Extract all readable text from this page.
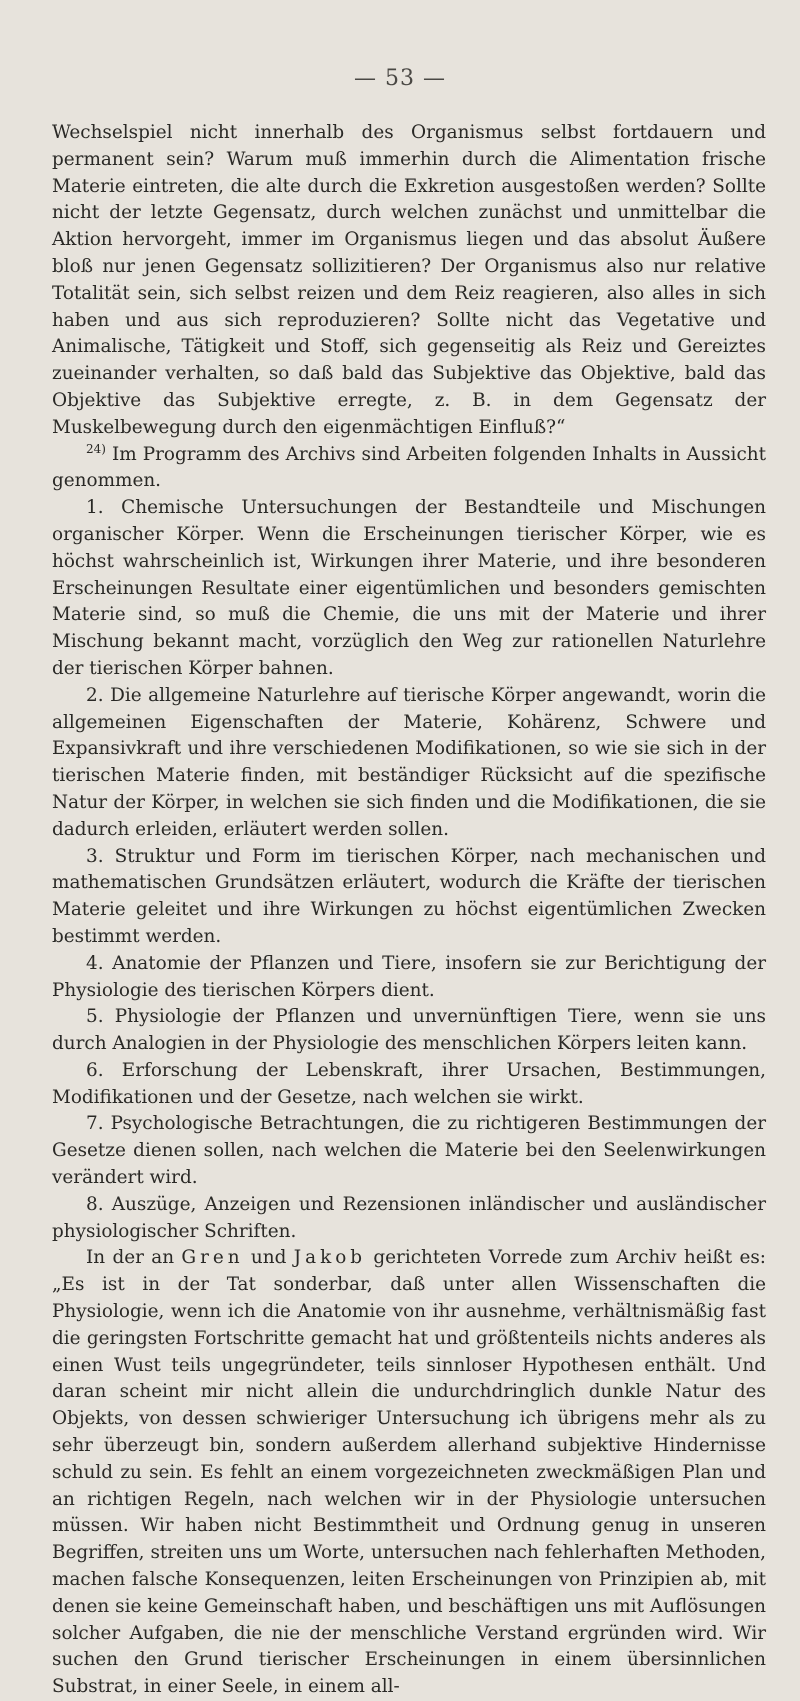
— 53 —

Wechselspiel nicht innerhalb des Organismus selbst fortdauern und permanent sein? Warum muß immerhin durch die Alimentation frische Materie eintreten, die alte durch die Exkretion ausgestoßen werden? Sollte nicht der letzte Gegensatz, durch welchen zunächst und unmittelbar die Aktion hervorgeht, immer im Organismus liegen und das absolut Äußere bloß nur jenen Gegensatz sollizitieren? Der Organismus also nur relative Totalität sein, sich selbst reizen und dem Reiz reagieren, also alles in sich haben und aus sich reproduzieren? Sollte nicht das Vegetative und Animalische, Tätigkeit und Stoff, sich gegenseitig als Reiz und Gereiztes zueinander verhalten, so daß bald das Subjektive das Objektive, bald das Objektive das Subjektive erregte, z. B. in dem Gegensatz der Muskelbewegung durch den eigenmächtigen Einfluß?“

$^{24)}$ Im Programm des Archivs sind Arbeiten folgenden Inhalts in Aussicht genommen.

1. Chemische Untersuchungen der Bestandteile und Mischungen organischer Körper. Wenn die Erscheinungen tierischer Körper, wie es höchst wahrscheinlich ist, Wirkungen ihrer Materie, und ihre besonderen Erscheinungen Resultate einer eigentümlichen und besonders gemischten Materie sind, so muß die Chemie, die uns mit der Materie und ihrer Mischung bekannt macht, vorzüglich den Weg zur rationellen Naturlehre der tierischen Körper bahnen.

2. Die allgemeine Naturlehre auf tierische Körper angewandt, worin die allgemeinen Eigenschaften der Materie, Kohärenz, Schwere und Expansivkraft und ihre verschiedenen Modifikationen, so wie sie sich in der tierischen Materie finden, mit beständiger Rücksicht auf die spezifische Natur der Körper, in welchen sie sich finden und die Modifikationen, die sie dadurch erleiden, erläutert werden sollen.

3. Struktur und Form im tierischen Körper, nach mechanischen und mathematischen Grundsätzen erläutert, wodurch die Kräfte der tierischen Materie geleitet und ihre Wirkungen zu höchst eigentümlichen Zwecken bestimmt werden.

4. Anatomie der Pflanzen und Tiere, insofern sie zur Berichtigung der Physiologie des tierischen Körpers dient.

5. Physiologie der Pflanzen und unvernünftigen Tiere, wenn sie uns durch Analogien in der Physiologie des menschlichen Körpers leiten kann.

6. Erforschung der Lebenskraft, ihrer Ursachen, Bestimmungen, Modifikationen und der Gesetze, nach welchen sie wirkt.

7. Psychologische Betrachtungen, die zu richtigeren Bestimmungen der Gesetze dienen sollen, nach welchen die Materie bei den Seelenwirkungen verändert wird.

8. Auszüge, Anzeigen und Rezensionen inländischer und ausländischer physiologischer Schriften.

In der an Gren und Jakob gerichteten Vorrede zum Archiv heißt es: „Es ist in der Tat sonderbar, daß unter allen Wissenschaften die Physiologie, wenn ich die Anatomie von ihr ausnehme, verhältnismäßig fast die geringsten Fortschritte gemacht hat und größtenteils nichts anderes als einen Wust teils ungegründeter, teils sinnloser Hypothesen enthält. Und daran scheint mir nicht allein die undurchdringlich dunkle Natur des Objekts, von dessen schwieriger Untersuchung ich übrigens mehr als zu sehr überzeugt bin, sondern außerdem allerhand subjektive Hindernisse schuld zu sein. Es fehlt an einem vorgezeichneten zweckmäßigen Plan und an richtigen Regeln, nach welchen wir in der Physiologie untersuchen müssen. Wir haben nicht Bestimmtheit und Ordnung genug in unseren Begriffen, streiten uns um Worte, untersuchen nach fehlerhaften Methoden, machen falsche Konsequenzen, leiten Erscheinungen von Prinzipien ab, mit denen sie keine Gemeinschaft haben, und beschäftigen uns mit Auflösungen solcher Aufgaben, die nie der menschliche Verstand ergründen wird. Wir suchen den Grund tierischer Erscheinungen in einem übersinnlichen Substrat, in einer Seele, in einem all-
